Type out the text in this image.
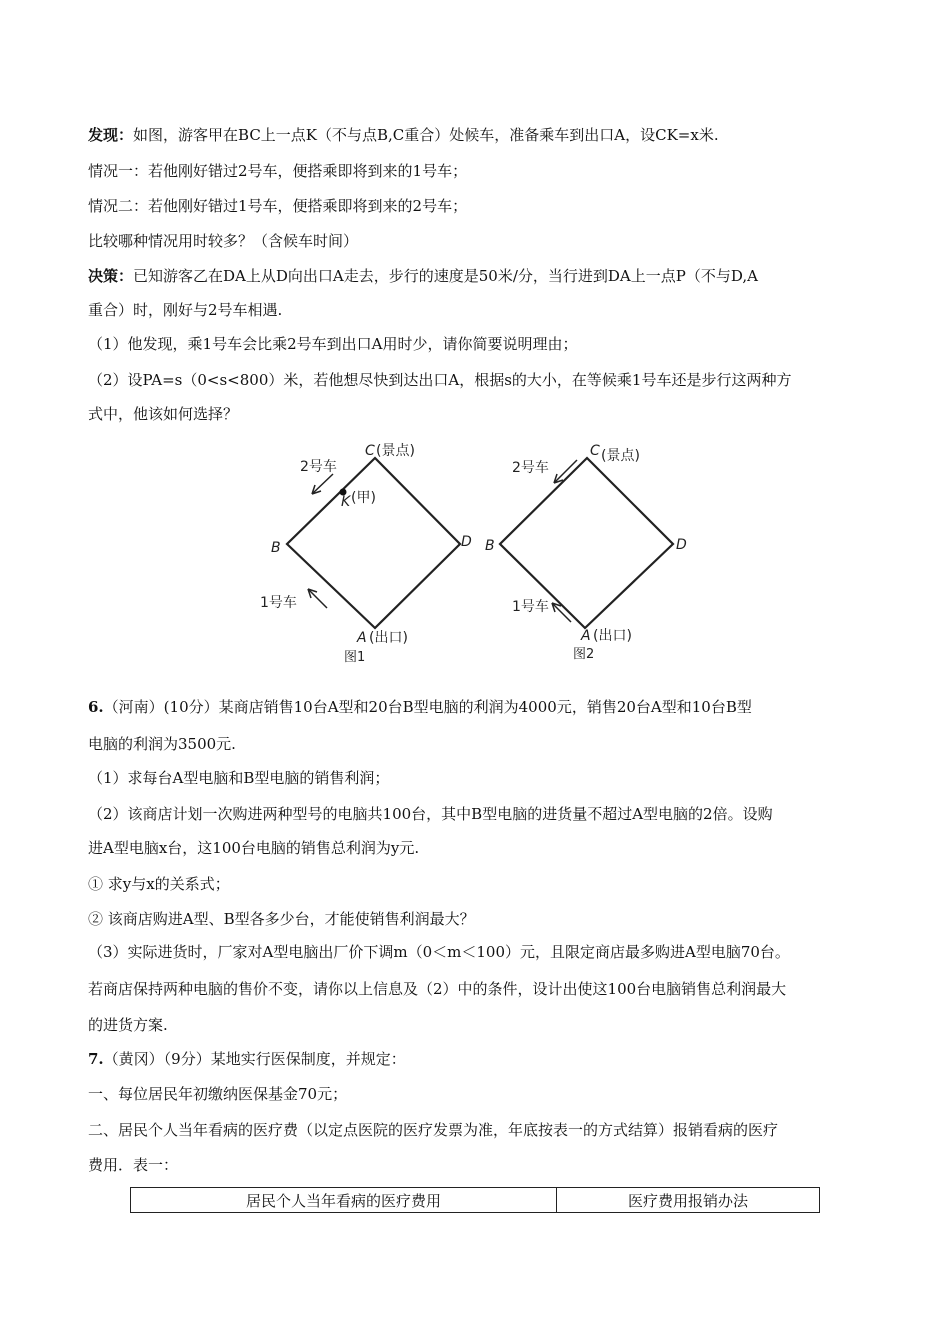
发现：如图，游客甲在BC上一点K（不与点B,C重合）处候车，准备乘车到出口A，设CK=x米.
情况一：若他刚好错过2号车，便搭乘即将到来的1号车；
情况二：若他刚好错过1号车，便搭乘即将到来的2号车；
比较哪种情况用时较多？（含候车时间）
决策：已知游客乙在DA上从D向出口A走去，步行的速度是50米/分，当行进到DA上一点P（不与D,A
重合）时，刚好与2号车相遇.
（1）他发现，乘1号车会比乘2号车到出口A用时少，请你简要说明理由；
（2）设PA=s（0<s<800）米，若他想尽快到达出口A，根据s的大小，在等候乘1号车还是步行这两种方
式中，他该如何选择？
C (景点)
2号车
K (甲)
B	D
1号车
A (出口)
图1
C (景点)
2号车
B	D
1号车
A (出口)
图2
6.（河南）(10分）某商店销售10台A型和20台B型电脑的利润为4000元，销售20台A型和10台B型
电脑的利润为3500元.
（1）求每台A型电脑和B型电脑的销售利润；
（2）该商店计划一次购进两种型号的电脑共100台，其中B型电脑的进货量不超过A型电脑的2倍。设购
进A型电脑x台，这100台电脑的销售总利润为y元.
① 求y与x的关系式；
② 该商店购进A型、B型各多少台，才能使销售利润最大？
（3）实际进货时，厂家对A型电脑出厂价下调m（0＜m＜100）元，且限定商店最多购进A型电脑70台。
若商店保持两种电脑的售价不变，请你以上信息及（2）中的条件，设计出使这100台电脑销售总利润最大
的进货方案.
7.（黄冈）（9分）某地实行医保制度，并规定：
一、每位居民年初缴纳医保基金70元；
二、居民个人当年看病的医疗费（以定点医院的医疗发票为准，年底按表一的方式结算）报销看病的医疗
费用．表一：
居民个人当年看病的医疗费用	医疗费用报销办法
